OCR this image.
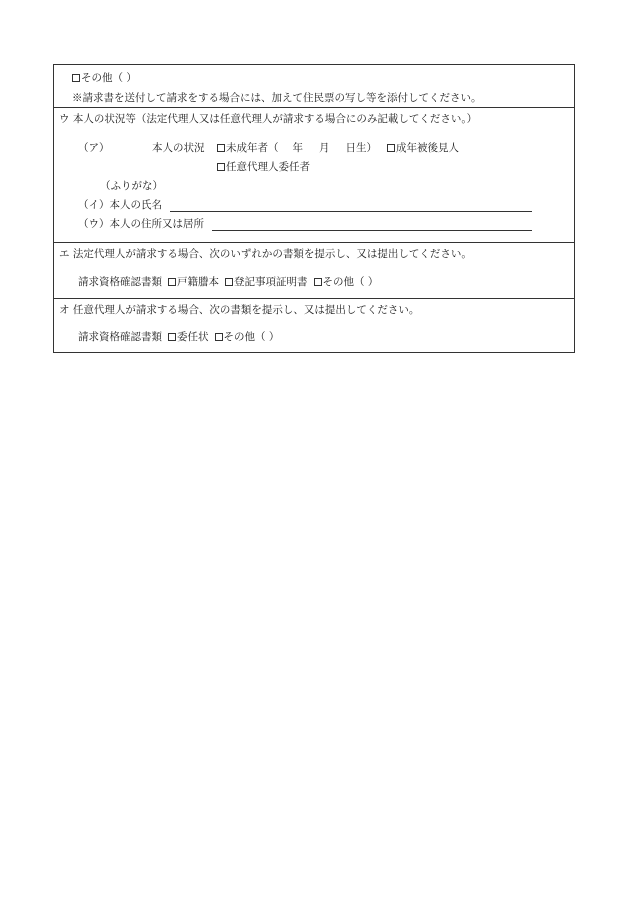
その他（ ）
※請求書を送付して請求をする場合には、加えて住民票の写し等を添付してください。
ウ 本人の状況等（法定代理人又は任意代理人が請求する場合にのみ記載してください。）
（ア）	本人の状況	未成年者（ 年 月 日生）	成年被後見人
任意代理人委任者
（ふりがな）
（イ）本人の氏名
（ウ）本人の住所又は居所
エ 法定代理人が請求する場合、次のいずれかの書類を提示し、又は提出してください。
請求資格確認書類 戸籍謄本 登記事項証明書 その他（ ）
オ 任意代理人が請求する場合、次の書類を提示し、又は提出してください。
請求資格確認書類 委任状 その他（ ）
